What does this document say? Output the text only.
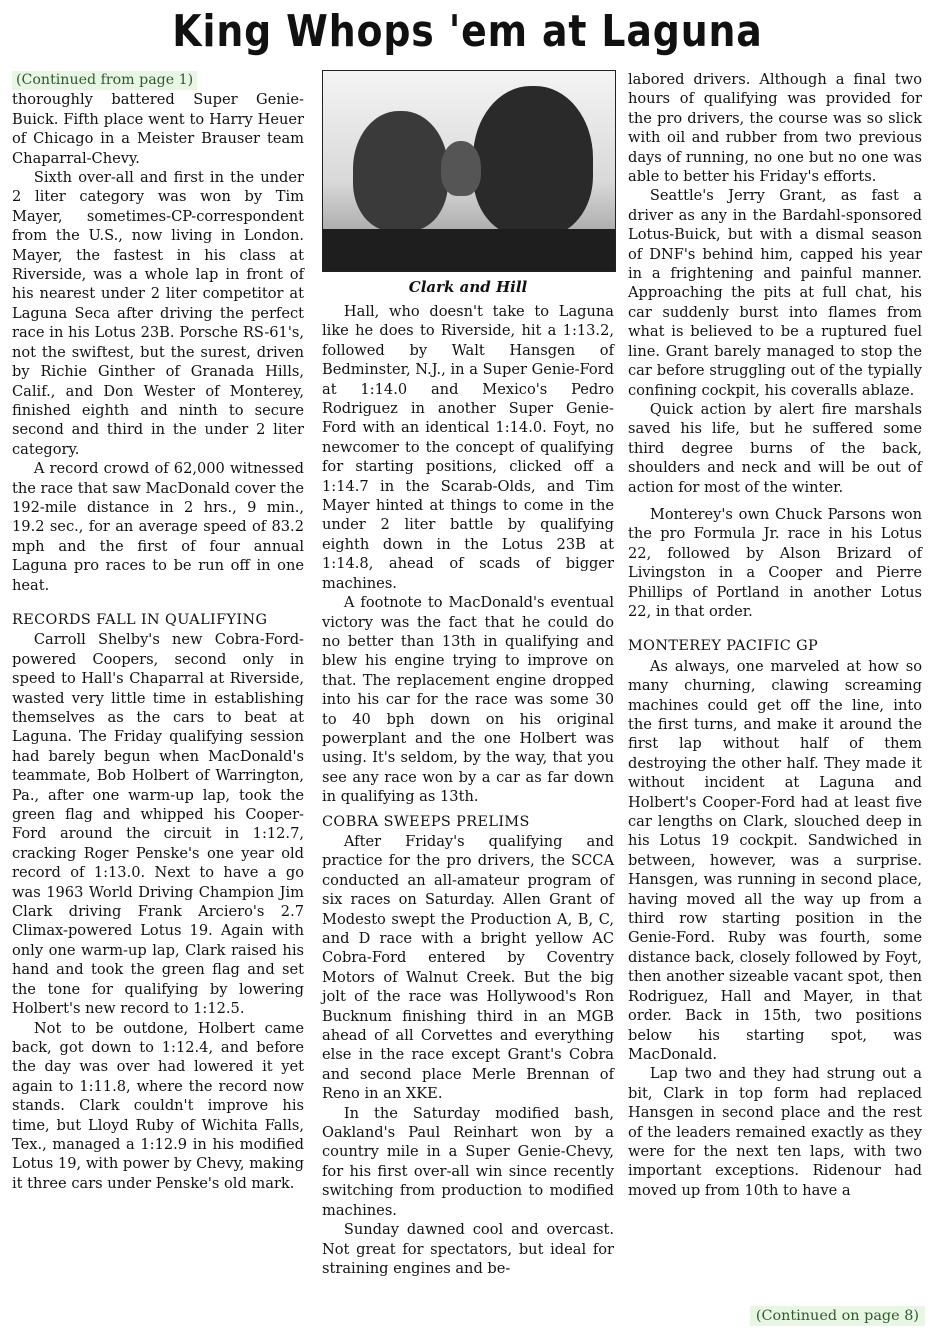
King Whops 'em at Laguna
(Continued from page 1)

thoroughly battered Super Genie-Buick. Fifth place went to Harry Heuer of Chicago in a Meister Brauser team Chaparral-Chevy.

Sixth over-all and first in the under 2 liter category was won by Tim Mayer, sometimes-CP-correspondent from the U.S., now living in London. Mayer, the fastest in his class at Riverside, was a whole lap in front of his nearest under 2 liter competitor at Laguna Seca after driving the perfect race in his Lotus 23B. Porsche RS-61's, not the swiftest, but the surest, driven by Richie Ginther of Granada Hills, Calif., and Don Wester of Monterey, finished eighth and ninth to secure second and third in the under 2 liter category.

A record crowd of 62,000 witnessed the race that saw MacDonald cover the 192-mile distance in 2 hrs., 9 min., 19.2 sec., for an average speed of 83.2 mph and the first of four annual Laguna pro races to be run off in one heat.

RECORDS FALL IN QUALIFYING

Carroll Shelby's new Cobra-Ford-powered Coopers, second only in speed to Hall's Chaparral at Riverside, wasted very little time in establishing themselves as the cars to beat at Laguna. The Friday qualifying session had barely begun when MacDonald's teammate, Bob Holbert of Warrington, Pa., after one warm-up lap, took the green flag and whipped his Cooper-Ford around the circuit in 1:12.7, cracking Roger Penske's one year old record of 1:13.0. Next to have a go was 1963 World Driving Champion Jim Clark driving Frank Arciero's 2.7 Climax-powered Lotus 19. Again with only one warm-up lap, Clark raised his hand and took the green flag and set the tone for qualifying by lowering Holbert's new record to 1:12.5.

Not to be outdone, Holbert came back, got down to 1:12.4, and before the day was over had lowered it yet again to 1:11.8, where the record now stands. Clark couldn't improve his time, but Lloyd Ruby of Wichita Falls, Tex., managed a 1:12.9 in his modified Lotus 19, with power by Chevy, making it three cars under Penske's old mark.

Clark and Hill

Hall, who doesn't take to Laguna like he does to Riverside, hit a 1:13.2, followed by Walt Hansgen of Bedminster, N.J., in a Super Genie-Ford at 1:14.0 and Mexico's Pedro Rodriguez in another Super Genie-Ford with an identical 1:14.0. Foyt, no newcomer to the concept of qualifying for starting positions, clicked off a 1:14.7 in the Scarab-Olds, and Tim Mayer hinted at things to come in the under 2 liter battle by qualifying eighth down in the Lotus 23B at 1:14.8, ahead of scads of bigger machines.

A footnote to MacDonald's eventual victory was the fact that he could do no better than 13th in qualifying and blew his engine trying to improve on that. The replacement engine dropped into his car for the race was some 30 to 40 bph down on his original powerplant and the one Holbert was using. It's seldom, by the way, that you see any race won by a car as far down in qualifying as 13th.

COBRA SWEEPS PRELIMS

After Friday's qualifying and practice for the pro drivers, the SCCA conducted an all-amateur program of six races on Saturday. Allen Grant of Modesto swept the Production A, B, C, and D race with a bright yellow AC Cobra-Ford entered by Coventry Motors of Walnut Creek. But the big jolt of the race was Hollywood's Ron Bucknum finishing third in an MGB ahead of all Corvettes and everything else in the race except Grant's Cobra and second place Merle Brennan of Reno in an XKE.

In the Saturday modified bash, Oakland's Paul Reinhart won by a country mile in a Super Genie-Chevy, for his first over-all win since recently switching from production to modified machines.

Sunday dawned cool and overcast. Not great for spectators, but ideal for straining engines and be-

labored drivers. Although a final two hours of qualifying was provided for the pro drivers, the course was so slick with oil and rubber from two previous days of running, no one but no one was able to better his Friday's efforts.

Seattle's Jerry Grant, as fast a driver as any in the Bardahl-sponsored Lotus-Buick, but with a dismal season of DNF's behind him, capped his year in a frightening and painful manner. Approaching the pits at full chat, his car suddenly burst into flames from what is believed to be a ruptured fuel line. Grant barely managed to stop the car before struggling out of the typially confining cockpit, his coveralls ablaze.

Quick action by alert fire marshals saved his life, but he suffered some third degree burns of the back, shoulders and neck and will be out of action for most of the winter.

Monterey's own Chuck Parsons won the pro Formula Jr. race in his Lotus 22, followed by Alson Brizard of Livingston in a Cooper and Pierre Phillips of Portland in another Lotus 22, in that order.

MONTEREY PACIFIC GP

As always, one marveled at how so many churning, clawing screaming machines could get off the line, into the first turns, and make it around the first lap without half of them destroying the other half. They made it without incident at Laguna and Holbert's Cooper-Ford had at least five car lengths on Clark, slouched deep in his Lotus 19 cockpit. Sandwiched in between, however, was a surprise. Hansgen, was running in second place, having moved all the way up from a third row starting position in the Genie-Ford. Ruby was fourth, some distance back, closely followed by Foyt, then another sizeable vacant spot, then Rodriguez, Hall and Mayer, in that order. Back in 15th, two positions below his starting spot, was MacDonald.

Lap two and they had strung out a bit, Clark in top form had replaced Hansgen in second place and the rest of the leaders remained exactly as they were for the next ten laps, with two important exceptions. Ridenour had moved up from 10th to have a

(Continued on page 8)
